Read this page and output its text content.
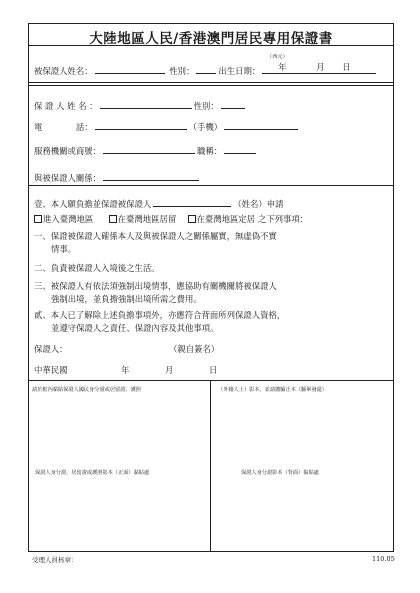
大陸地區人民/香港澳門居民專用保證書
（西元）
被保證人姓名：	性別：	出生日期： 年	月 日
保 證 人 姓 名 ：	性別：
電　　　　話：	（手機）
服務機關或商號：	職稱：
與被保證人關係：
壹、本人願負擔並保證被保證人	（姓名）申請
進入臺灣地區	在臺灣地區居留 在臺灣地區定居 之下列事項：
一、保證被保證人確係本人及與被保證人之關係屬實，無虛偽不實
情事。
二、負責被保證人入境後之生活。
三、被保證人有依法須強制出境情事，應協助有關機關將被保證人
強制出境，並負擔強制出境所需之費用。
貳、本人已了解除上述負擔事項外，亦應符合背面所列保證人資格，
並遵守保證人之責任、保證內容及其他事項。
保證人：	（親自簽名）
中華民國	年	月	日
請於框內黏貼保證人國民身分證或居留證、護照	（外籍人士）影本，並請繳驗正本（驗畢發還）
保證人身分證、居留證或護照影本（正面）黏貼處	保證人身分證影本（背面）黏貼處
受理人員核章：	110.05
